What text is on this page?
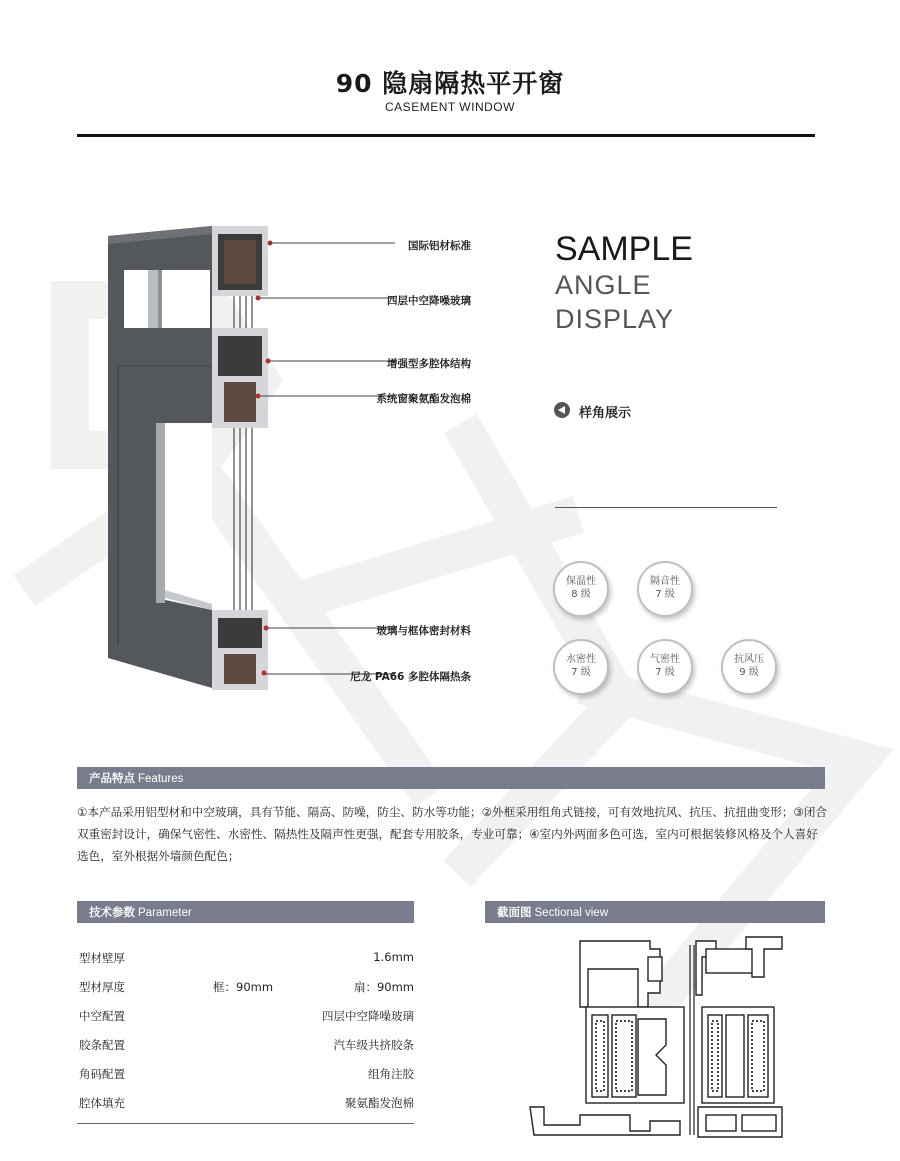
90 隐扇隔热平开窗
CASEMENT WINDOW
国际铝材标准
四层中空降噪玻璃
增强型多腔体结构
系统窗聚氨酯发泡棉
玻璃与框体密封材料
尼龙 PA66 多腔体隔热条
SAMPLE
ANGLE
DISPLAY
样角展示
保温性
8 级
隔音性
7 级
水密性
7 级
气密性
7 级
抗风压
9 级
产品特点 Features
①本产品采用铝型材和中空玻璃，具有节能、隔高、防噪，防尘、防水等功能；②外框采用组角式链接，可有效地抗风、抗压、抗扭曲变形；③闭合双重密封设计，确保气密性、水密性、隔热性及隔声性更强，配套专用胶条，专业可靠；④室内外两面多色可选，室内可根据装修风格及个人喜好选色，室外根据外墙颜色配色；
技术参数 Parameter
型材壁厚	1.6mm
型材厚度	框：90mm	扇：90mm
中空配置	四层中空降噪玻璃
胶条配置	汽车级共挤胶条
角码配置	组角注胶
腔体填充	聚氨酯发泡棉
截面图 Sectional view
